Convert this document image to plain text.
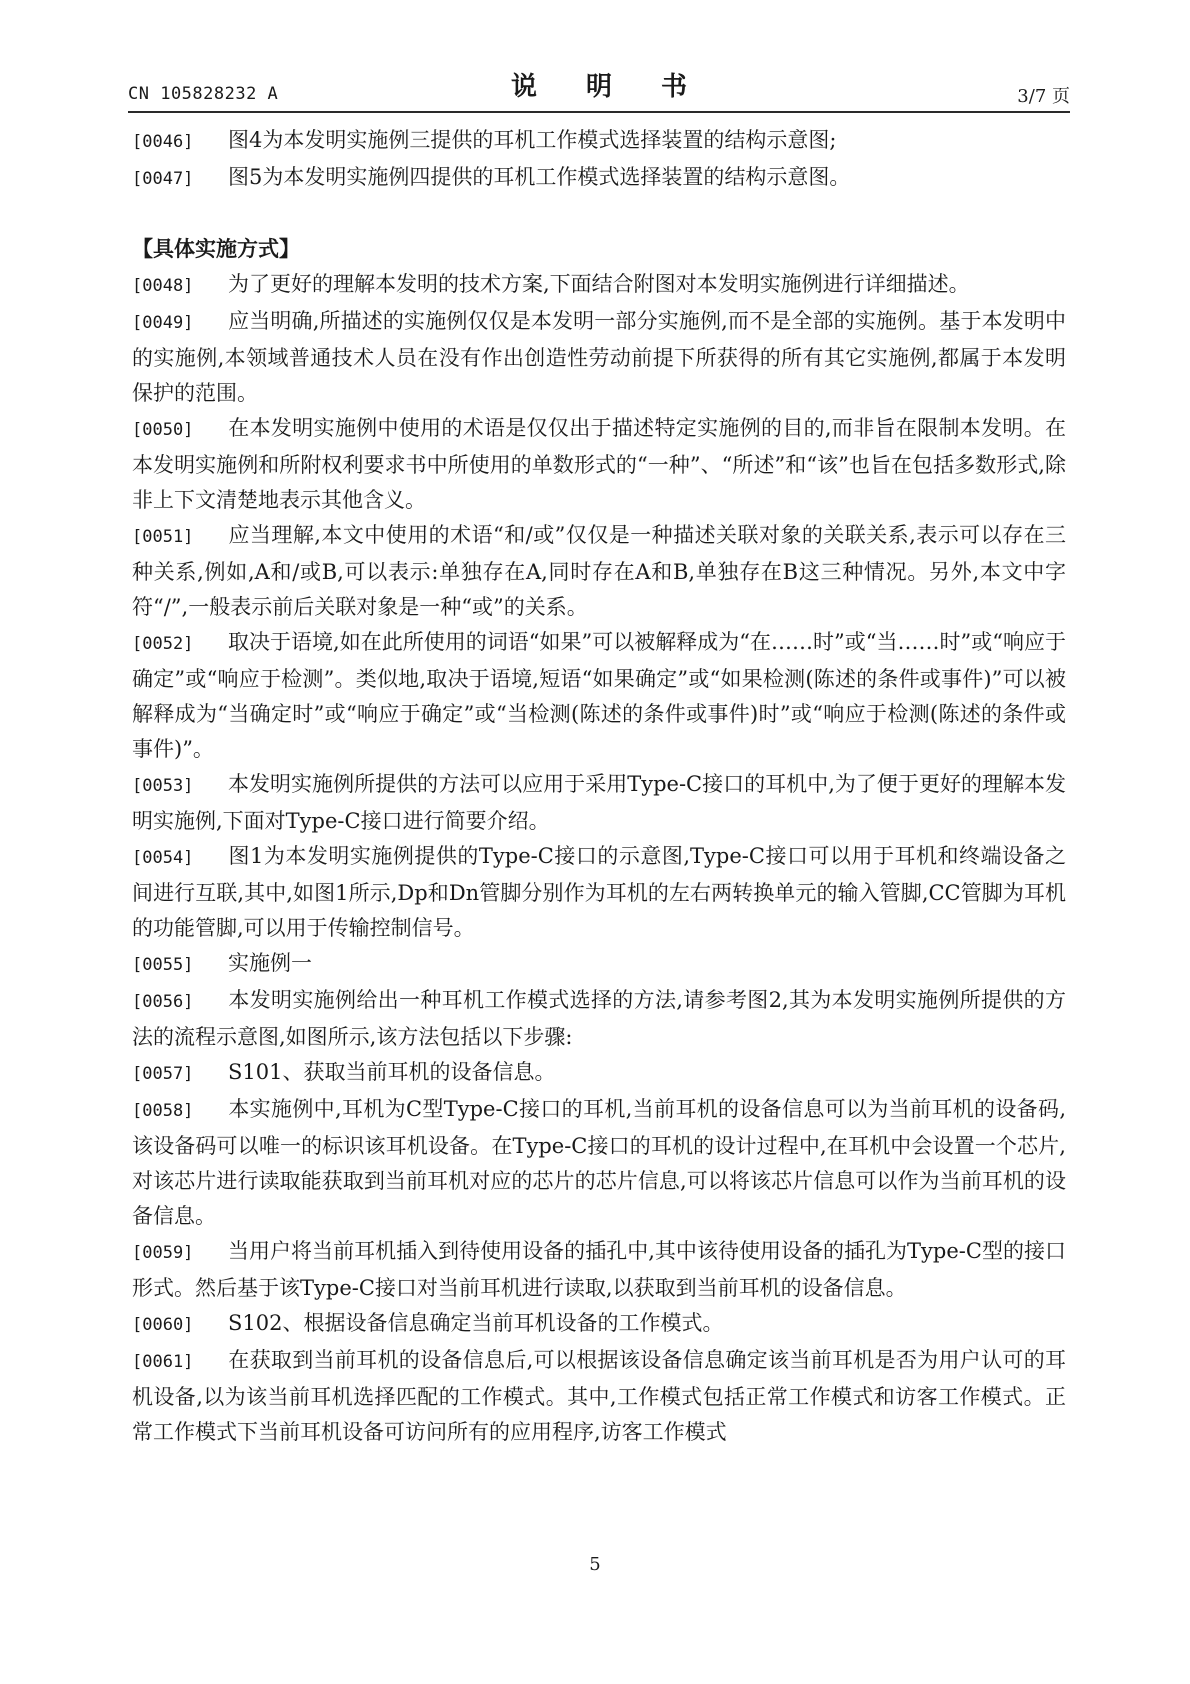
CN 105828232 A	说 明 书	3/7 页

[0046] 图4为本发明实施例三提供的耳机工作模式选择装置的结构示意图;

[0047] 图5为本发明实施例四提供的耳机工作模式选择装置的结构示意图。

【具体实施方式】

[0048] 为了更好的理解本发明的技术方案,下面结合附图对本发明实施例进行详细描述。

[0049] 应当明确,所描述的实施例仅仅是本发明一部分实施例,而不是全部的实施例。基于本发明中的实施例,本领域普通技术人员在没有作出创造性劳动前提下所获得的所有其它实施例,都属于本发明保护的范围。

[0050] 在本发明实施例中使用的术语是仅仅出于描述特定实施例的目的,而非旨在限制本发明。在本发明实施例和所附权利要求书中所使用的单数形式的“一种”、“所述”和“该”也旨在包括多数形式,除非上下文清楚地表示其他含义。

[0051] 应当理解,本文中使用的术语“和/或”仅仅是一种描述关联对象的关联关系,表示可以存在三种关系,例如,A和/或B,可以表示:单独存在A,同时存在A和B,单独存在B这三种情况。另外,本文中字符“/”,一般表示前后关联对象是一种“或”的关系。

[0052] 取决于语境,如在此所使用的词语“如果”可以被解释成为“在……时”或“当……时”或“响应于确定”或“响应于检测”。类似地,取决于语境,短语“如果确定”或“如果检测(陈述的条件或事件)”可以被解释成为“当确定时”或“响应于确定”或“当检测(陈述的条件或事件)时”或“响应于检测(陈述的条件或事件)”。

[0053] 本发明实施例所提供的方法可以应用于采用Type-C接口的耳机中,为了便于更好的理解本发明实施例,下面对Type-C接口进行简要介绍。

[0054] 图1为本发明实施例提供的Type-C接口的示意图,Type-C接口可以用于耳机和终端设备之间进行互联,其中,如图1所示,Dp和Dn管脚分别作为耳机的左右两转换单元的输入管脚,CC管脚为耳机的功能管脚,可以用于传输控制信号。

[0055] 实施例一

[0056] 本发明实施例给出一种耳机工作模式选择的方法,请参考图2,其为本发明实施例所提供的方法的流程示意图,如图所示,该方法包括以下步骤:

[0057] S101、获取当前耳机的设备信息。

[0058] 本实施例中,耳机为C型Type-C接口的耳机,当前耳机的设备信息可以为当前耳机的设备码,该设备码可以唯一的标识该耳机设备。在Type-C接口的耳机的设计过程中,在耳机中会设置一个芯片,对该芯片进行读取能获取到当前耳机对应的芯片的芯片信息,可以将该芯片信息可以作为当前耳机的设备信息。

[0059] 当用户将当前耳机插入到待使用设备的插孔中,其中该待使用设备的插孔为Type-C型的接口形式。然后基于该Type-C接口对当前耳机进行读取,以获取到当前耳机的设备信息。

[0060] S102、根据设备信息确定当前耳机设备的工作模式。

[0061] 在获取到当前耳机的设备信息后,可以根据该设备信息确定该当前耳机是否为用户认可的耳机设备,以为该当前耳机选择匹配的工作模式。其中,工作模式包括正常工作模式和访客工作模式。正常工作模式下当前耳机设备可访问所有的应用程序,访客工作模式

5
